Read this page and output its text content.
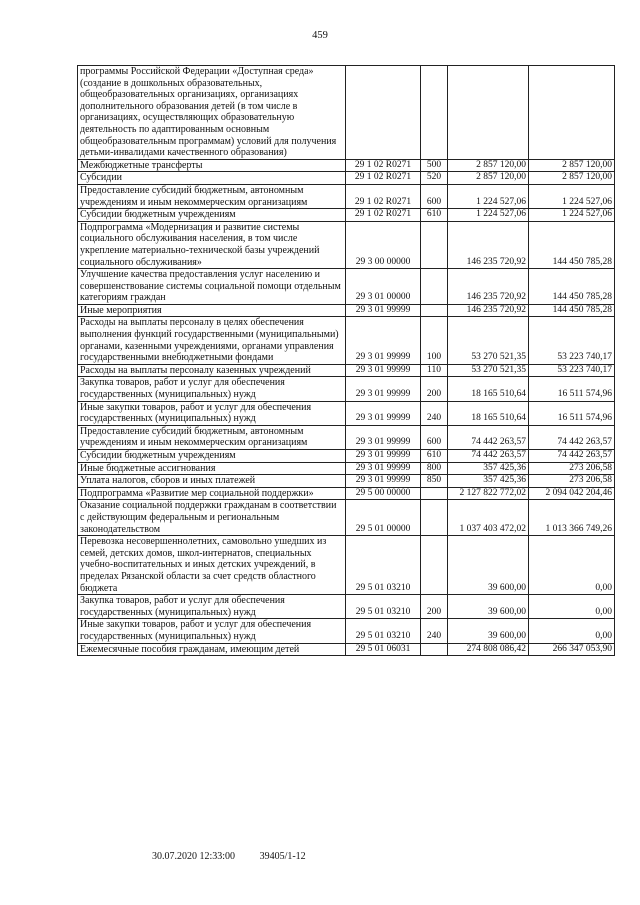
459
программы Российской Федерации «Доступная среда» (создание в дошкольных образовательных, общеобразовательных организациях, организациях дополнительного образования детей (в том числе в организациях, осуществляющих образовательную деятельность по адаптированным основным общеобразовательным программам) условий для получения детьми-инвалидами качественного образования)				
Межбюджетные трансферты	29 1 02 R0271	500	2 857 120,00	2 857 120,00
Субсидии	29 1 02 R0271	520	2 857 120,00	2 857 120,00
Предоставление субсидий бюджетным, автономным учреждениям и иным некоммерческим организациям	29 1 02 R0271	600	1 224 527,06	1 224 527,06
Субсидии бюджетным учреждениям	29 1 02 R0271	610	1 224 527,06	1 224 527,06
Подпрограмма «Модернизация и развитие системы социального обслуживания населения, в том числе укрепление материально-технической базы учреждений социального обслуживания»	29 3 00 00000		146 235 720,92	144 450 785,28
Улучшение качества предоставления услуг населению и совершенствование системы социальной помощи отдельным категориям граждан	29 3 01 00000		146 235 720,92	144 450 785,28
Иные мероприятия	29 3 01 99999		146 235 720,92	144 450 785,28
Расходы на выплаты персоналу в целях обеспечения выполнения функций государственными (муниципальными) органами, казенными учреждениями, органами управления государственными внебюджетными фондами	29 3 01 99999	100	53 270 521,35	53 223 740,17
Расходы на выплаты персоналу казенных учреждений	29 3 01 99999	110	53 270 521,35	53 223 740,17
Закупка товаров, работ и услуг для обеспечения государственных (муниципальных) нужд	29 3 01 99999	200	18 165 510,64	16 511 574,96
Иные закупки товаров, работ и услуг для обеспечения государственных (муниципальных) нужд	29 3 01 99999	240	18 165 510,64	16 511 574,96
Предоставление субсидий бюджетным, автономным учреждениям и иным некоммерческим организациям	29 3 01 99999	600	74 442 263,57	74 442 263,57
Субсидии бюджетным учреждениям	29 3 01 99999	610	74 442 263,57	74 442 263,57
Иные бюджетные ассигнования	29 3 01 99999	800	357 425,36	273 206,58
Уплата налогов, сборов и иных платежей	29 3 01 99999	850	357 425,36	273 206,58
Подпрограмма «Развитие мер социальной поддержки»	29 5 00 00000		2 127 822 772,02	2 094 042 204,46
Оказание социальной поддержки гражданам в соответствии с действующим федеральным и региональным законодательством	29 5 01 00000		1 037 403 472,02	1 013 366 749,26
Перевозка несовершеннолетних, самовольно ушедших из семей, детских домов, школ-интернатов, специальных учебно-воспитательных и иных детских учреждений, в пределах Рязанской области за счет средств областного бюджета	29 5 01 03210		39 600,00	0,00
Закупка товаров, работ и услуг для обеспечения государственных (муниципальных) нужд	29 5 01 03210	200	39 600,00	0,00
Иные закупки товаров, работ и услуг для обеспечения государственных (муниципальных) нужд	29 5 01 03210	240	39 600,00	0,00
Ежемесячные пособия гражданам, имеющим детей	29 5 01 06031		274 808 086,42	266 347 053,90
30.07.2020 12:33:00 39405/1-12
